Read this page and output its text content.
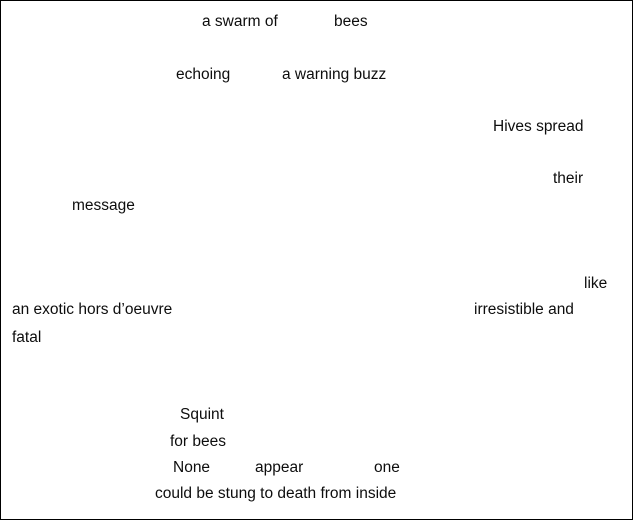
a swarm of	bees
echoing	a warning buzz
Hives spread
their
message
like
an exotic hors d’oeuvre	irresistible and
fatal
Squint
for bees
None	appear	one
could be stung to death from inside
